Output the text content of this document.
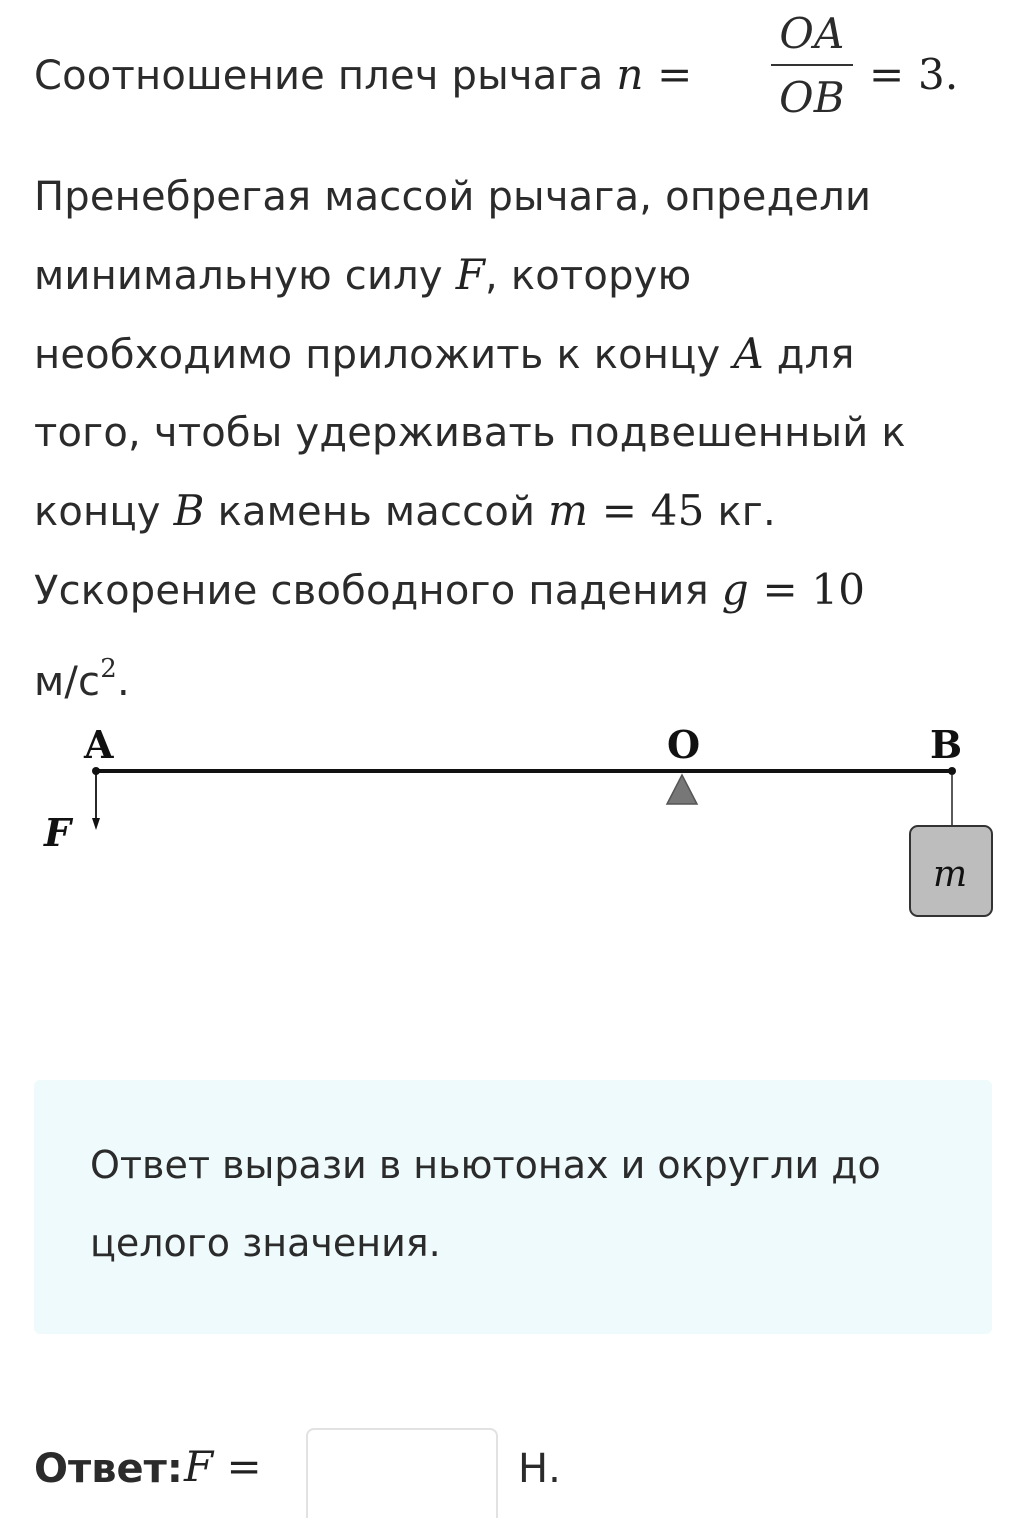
Соотношение плеч рычага n =
OA
OB = 3.
Пренебрегая массой рычага, определи
минимальную силу F, которую
необходимо приложить к концу A для
того, чтобы удерживать подвешенный к
концу B камень массой m = 45 кг.
Ускорение свободного падения g = 10
$м/с^2$.
A	O	B
F
m
Ответ вырази в ньютонах и округли до целого значения.
Ответ: F =	Н.
